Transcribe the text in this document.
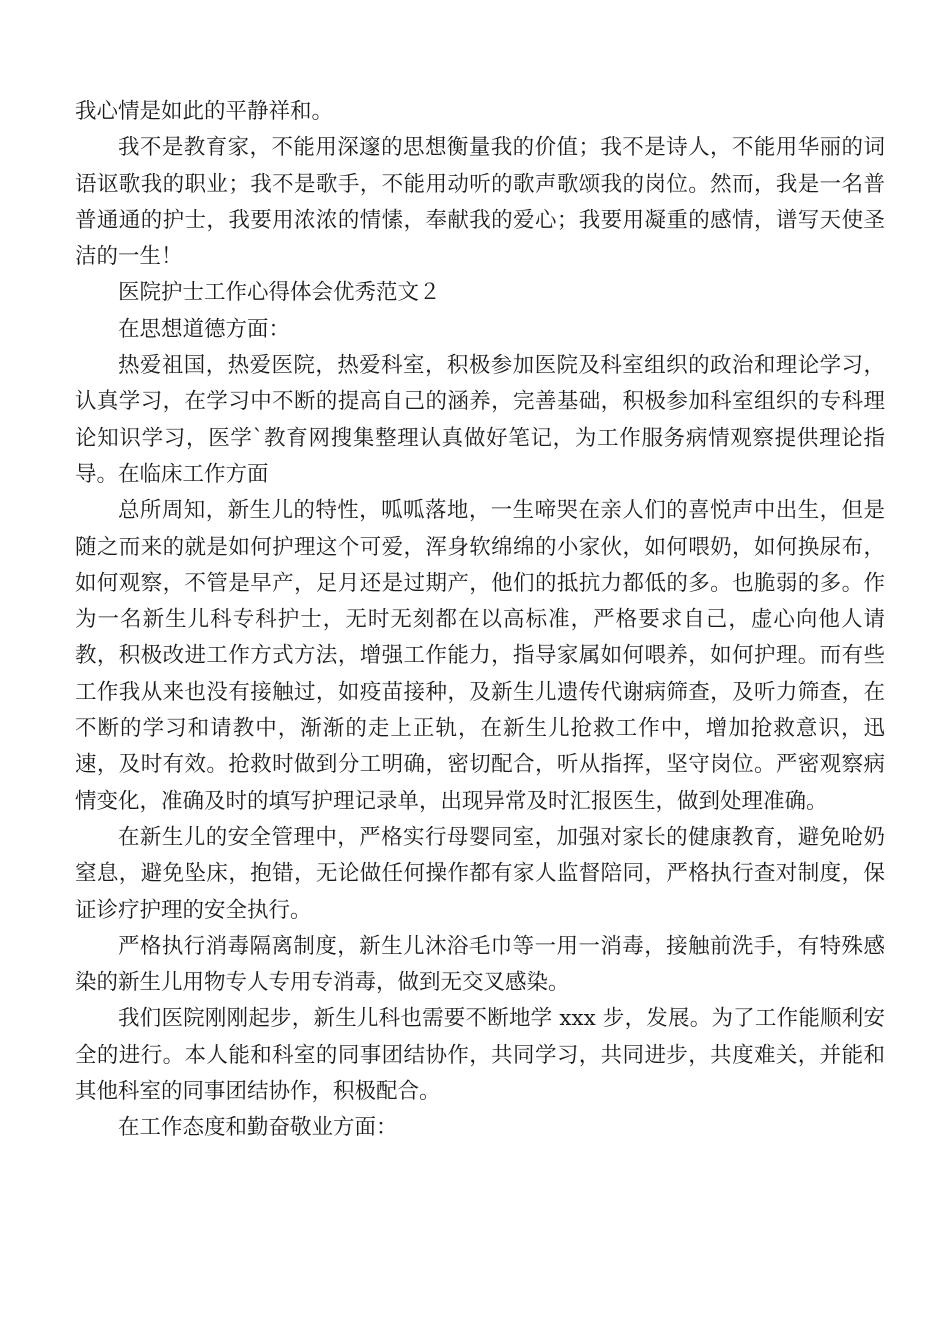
我心情是如此的平静祥和。

我不是教育家，不能用深邃的思想衡量我的价值；我不是诗人，不能用华丽的词语讴歌我的职业；我不是歌手，不能用动听的歌声歌颂我的岗位。然而，我是一名普普通通的护士，我要用浓浓的情愫，奉献我的爱心；我要用凝重的感情，谱写天使圣洁的一生！

医院护士工作心得体会优秀范文２

在思想道德方面：

热爱祖国，热爱医院，热爱科室，积极参加医院及科室组织的政治和理论学习，认真学习，在学习中不断的提高自己的涵养，完善基础，积极参加科室组织的专科理论知识学习，医学`教育网搜集整理认真做好笔记，为工作服务病情观察提供理论指导。在临床工作方面

总所周知，新生儿的特性，呱呱落地，一生啼哭在亲人们的喜悦声中出生，但是随之而来的就是如何护理这个可爱，浑身软绵绵的小家伙，如何喂奶，如何换尿布，如何观察，不管是早产，足月还是过期产，他们的抵抗力都低的多。也脆弱的多。作为一名新生儿科专科护士，无时无刻都在以高标准，严格要求自己，虚心向他人请教，积极改进工作方式方法，增强工作能力，指导家属如何喂养，如何护理。而有些工作我从来也没有接触过，如疫苗接种，及新生儿遗传代谢病筛查，及听力筛查，在不断的学习和请教中，渐渐的走上正轨，在新生儿抢救工作中，增加抢救意识，迅速，及时有效。抢救时做到分工明确，密切配合，听从指挥，坚守岗位。严密观察病情变化，准确及时的填写护理记录单，出现异常及时汇报医生，做到处理准确。

在新生儿的安全管理中，严格实行母婴同室，加强对家长的健康教育，避免呛奶窒息，避免坠床，抱错，无论做任何操作都有家人监督陪同，严格执行查对制度，保证诊疗护理的安全执行。

严格执行消毒隔离制度，新生儿沐浴毛巾等一用一消毒，接触前洗手，有特殊感染的新生儿用物专人专用专消毒，做到无交叉感染。

我们医院刚刚起步，新生儿科也需要不断地学 xxx 步，发展。为了工作能顺利安全的进行。本人能和科室的同事团结协作，共同学习，共同进步，共度难关，并能和其他科室的同事团结协作，积极配合。

在工作态度和勤奋敬业方面：
